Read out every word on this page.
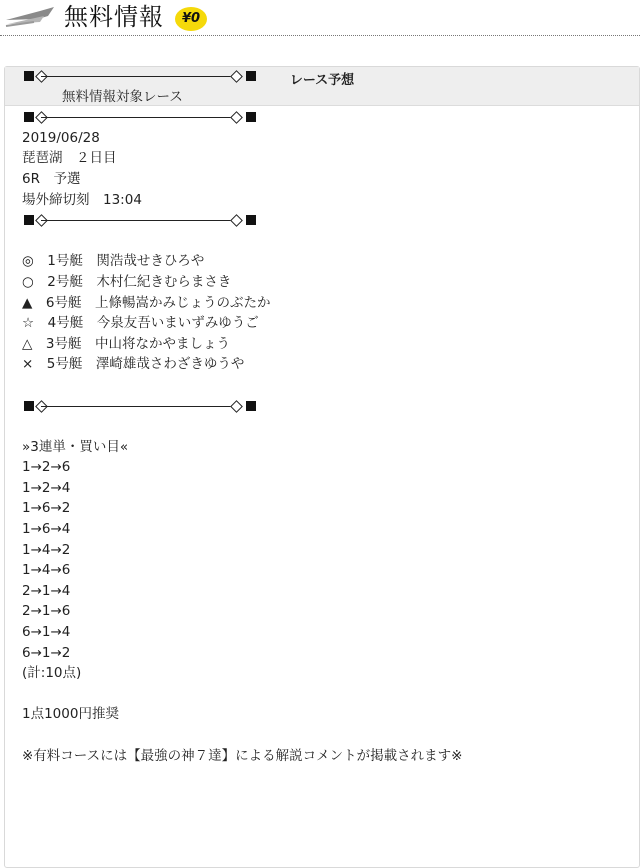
無料情報	¥0
レース予想
無料情報対象レース
2019/06/28
琵琶湖　２日目
6R　予選
場外締切刻　13:04
◎　1号艇　関浩哉せきひろや
○　2号艇　木村仁紀きむらまさき
▲　6号艇　上條暢嵩かみじょうのぶたか
☆　4号艇　今泉友吾いまいずみゆうご
△　3号艇　中山将なかやましょう
×　5号艇　澤崎雄哉さわざきゆうや
»3連単・買い目«
1→2→6
1→2→4
1→6→2
1→6→4
1→4→2
1→4→6
2→1→4
2→1→6
6→1→4
6→1→2
(計:10点)
1点1000円推奨
※有料コースには【最強の神７達】による解説コメントが掲載されます※
